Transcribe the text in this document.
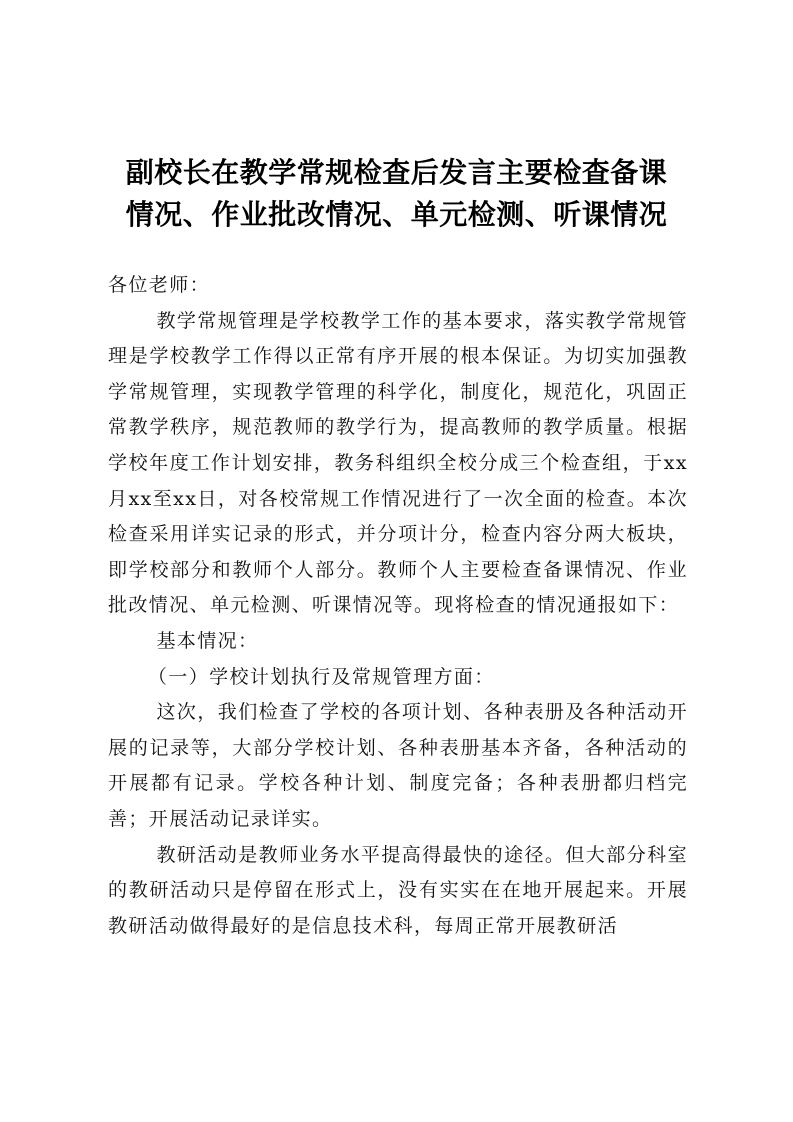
副校长在教学常规检查后发言主要检查备课
情况、作业批改情况、单元检测、听课情况

各位老师：

教学常规管理是学校教学工作的基本要求，落实教学常规管理是学校教学工作得以正常有序开展的根本保证。为切实加强教学常规管理，实现教学管理的科学化，制度化，规范化，巩固正常教学秩序，规范教师的教学行为，提高教师的教学质量。根据学校年度工作计划安排，教务科组织全校分成三个检查组，于xx月xx至xx日，对各校常规工作情况进行了一次全面的检查。本次检查采用详实记录的形式，并分项计分，检查内容分两大板块，即学校部分和教师个人部分。教师个人主要检查备课情况、作业批改情况、单元检测、听课情况等。现将检查的情况通报如下：

基本情况：

（一）学校计划执行及常规管理方面：

这次，我们检查了学校的各项计划、各种表册及各种活动开展的记录等，大部分学校计划、各种表册基本齐备，各种活动的开展都有记录。学校各种计划、制度完备；各种表册都归档完善；开展活动记录详实。

教研活动是教师业务水平提高得最快的途径。但大部分科室的教研活动只是停留在形式上，没有实实在在地开展起来。开展教研活动做得最好的是信息技术科，每周正常开展教研活
